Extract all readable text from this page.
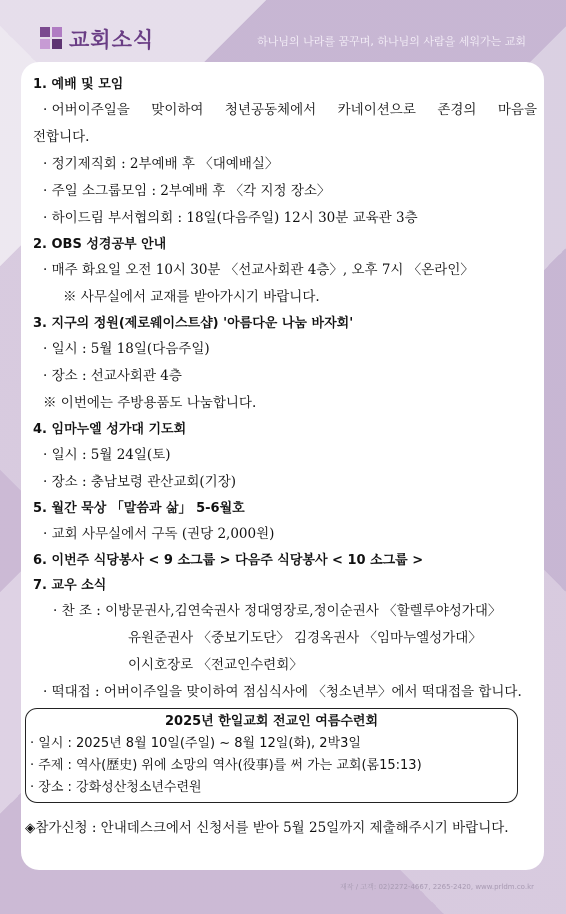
교회소식	하나님의 나라를 꿈꾸며, 하나님의 사람을 세워가는 교회
1. 예배 및 모임
· 어버이주일을 맞이하여 청년공동체에서 카네이션으로 존경의 마음을
전합니다.
· 정기제직회 : 2부예배 후 〈대예배실〉
· 주일 소그룹모임 : 2부예배 후 〈각 지정 장소〉
· 하이드림 부서협의회 : 18일(다음주일) 12시 30분 교육관 3층
2. OBS 성경공부 안내
· 매주 화요일 오전 10시 30분 〈선교사회관 4층〉, 오후 7시 〈온라인〉
※ 사무실에서 교재를 받아가시기 바랍니다.
3. 지구의 정원(제로웨이스트샵) '아름다운 나눔 바자회'
· 일시 : 5월 18일(다음주일)
· 장소 : 선교사회관 4층
※ 이번에는 주방용품도 나눔합니다.
4. 임마누엘 성가대 기도회
· 일시 : 5월 24일(토)
· 장소 : 충남보령 관산교회(기장)
5. 월간 묵상 「말씀과 삶」 5-6월호
· 교회 사무실에서 구독 (권당 2,000원)
6. 이번주 식당봉사 < 9 소그룹 > 다음주 식당봉사 < 10 소그룹 >
7. 교우 소식
· 찬 조 : 이방문권사,김연숙권사 정대영장로,정이순권사 〈할렐루야성가대〉
유원준권사 〈중보기도단〉 김경옥권사 〈임마누엘성가대〉
이시호장로 〈전교인수련회〉
· 떡대접 : 어버이주일을 맞이하여 점심식사에 〈청소년부〉에서 떡대접을 합니다.
2025년 한일교회 전교인 여름수련회
· 일시 : 2025년 8월 10일(주일) ~ 8월 12일(화), 2박3일
· 주제 : 역사(歷史) 위에 소망의 역사(役事)를 써 가는 교회(롬15:13)
· 장소 : 강화성산청소년수련원
◈참가신청 : 안내데스크에서 신청서를 받아 5월 25일까지 제출해주시기 바랍니다.
재작 / 고객: 02)2272-4667, 2265-2420, www.prldm.co.kr
